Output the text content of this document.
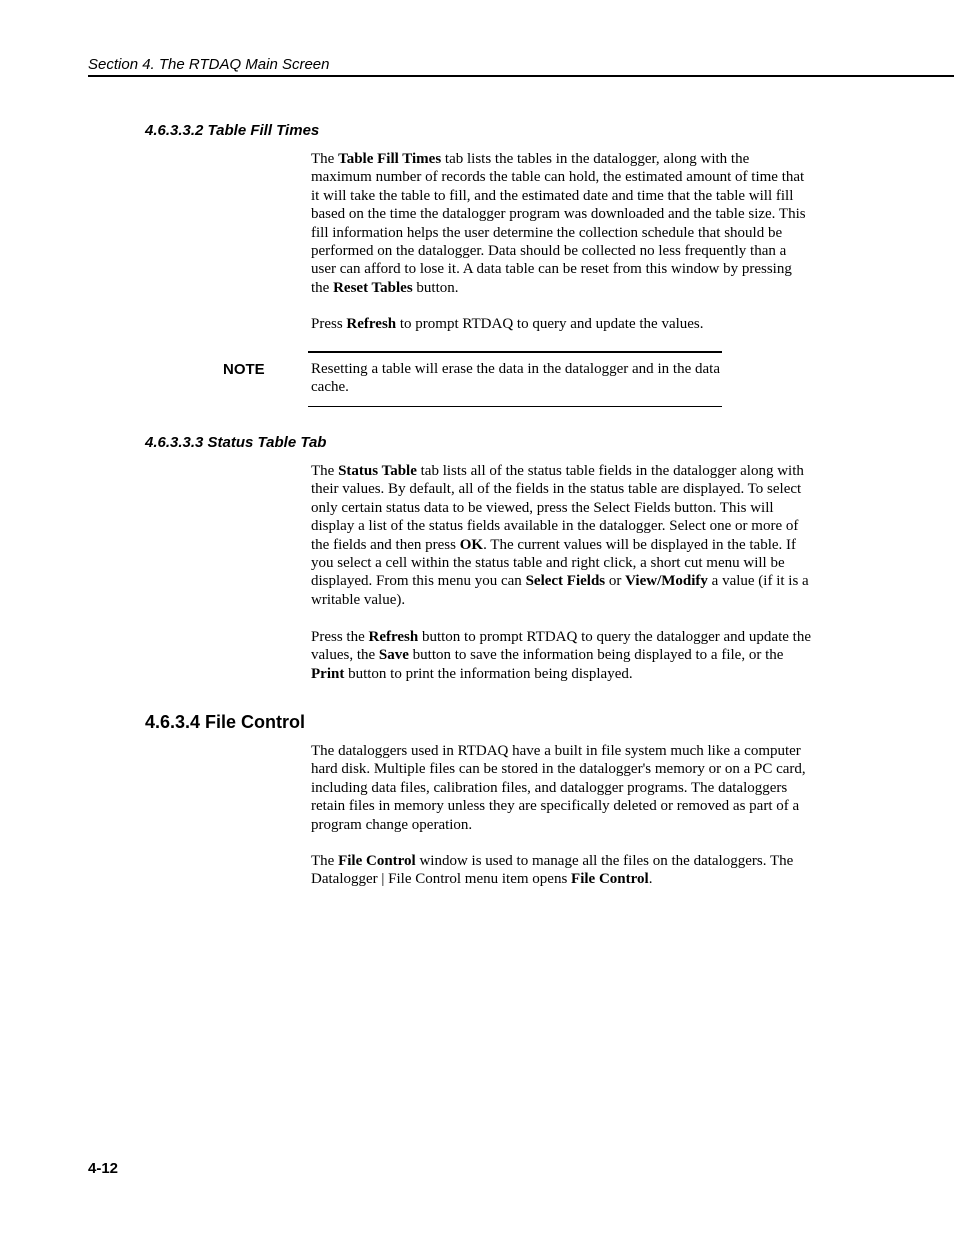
Section 4. The RTDAQ Main Screen
4.6.3.3.2 Table Fill Times
The Table Fill Times tab lists the tables in the datalogger, along with the maximum number of records the table can hold, the estimated amount of time that it will take the table to fill, and the estimated date and time that the table will fill based on the time the datalogger program was downloaded and the table size. This fill information helps the user determine the collection schedule that should be performed on the datalogger. Data should be collected no less frequently than a user can afford to lose it. A data table can be reset from this window by pressing the Reset Tables button.
Press Refresh to prompt RTDAQ to query and update the values.
NOTE	Resetting a table will erase the data in the datalogger and in the data cache.
4.6.3.3.3 Status Table Tab
The Status Table tab lists all of the status table fields in the datalogger along with their values. By default, all of the fields in the status table are displayed. To select only certain status data to be viewed, press the Select Fields button. This will display a list of the status fields available in the datalogger. Select one or more of the fields and then press OK. The current values will be displayed in the table. If you select a cell within the status table and right click, a short cut menu will be displayed. From this menu you can Select Fields or View/Modify a value (if it is a writable value).
Press the Refresh button to prompt RTDAQ to query the datalogger and update the values, the Save button to save the information being displayed to a file, or the Print button to print the information being displayed.
4.6.3.4 File Control
The dataloggers used in RTDAQ have a built in file system much like a computer hard disk. Multiple files can be stored in the datalogger's memory or on a PC card, including data files, calibration files, and datalogger programs. The dataloggers retain files in memory unless they are specifically deleted or removed as part of a program change operation.
The File Control window is used to manage all the files on the dataloggers. The Datalogger | File Control menu item opens File Control.
4-12
